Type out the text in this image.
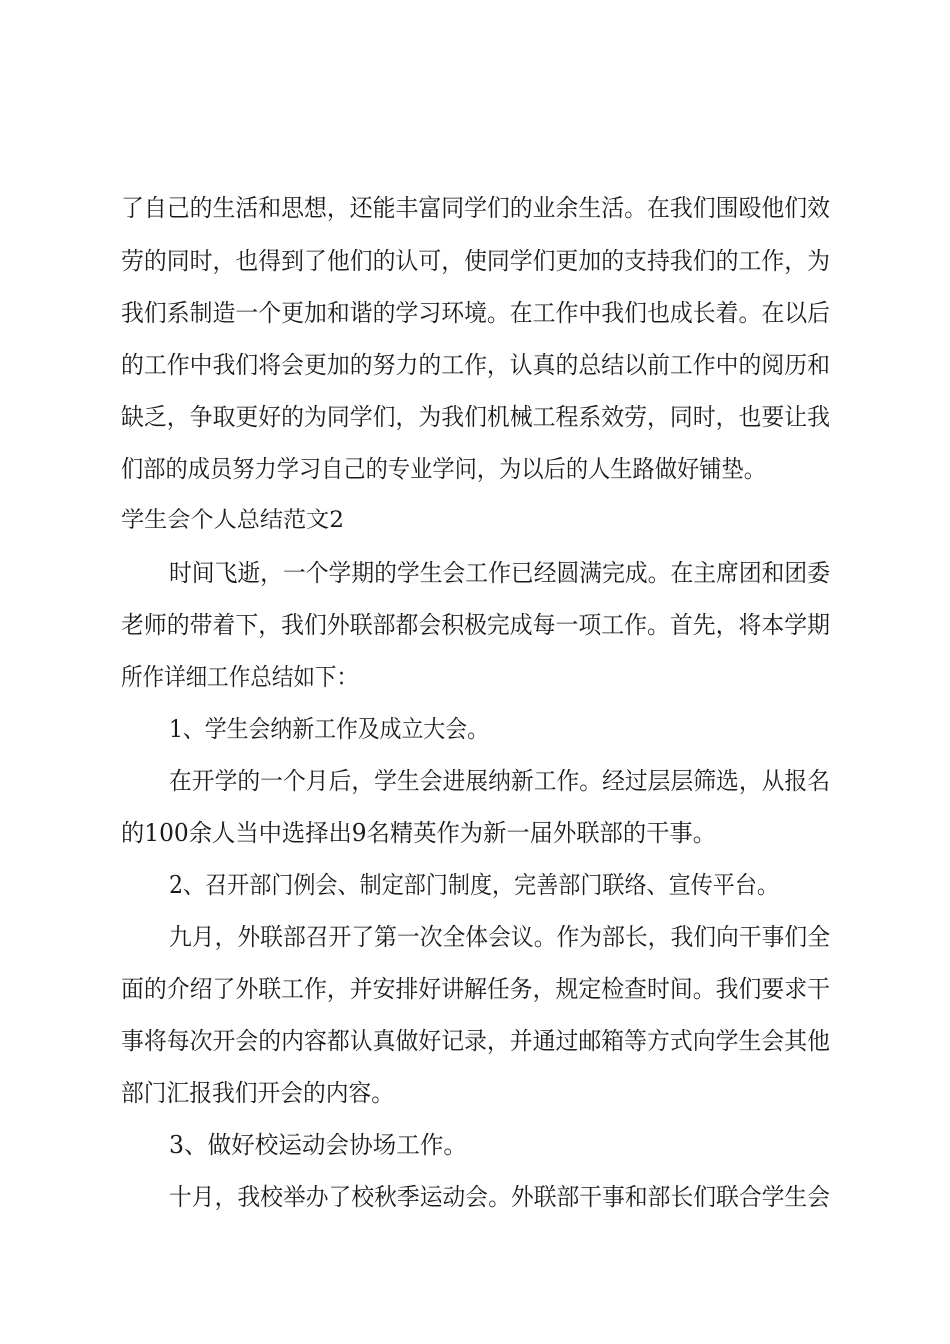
了自己的生活和思想，还能丰富同学们的业余生活。在我们围殴他们效
劳的同时，也得到了他们的认可，使同学们更加的支持我们的工作，为
我们系制造一个更加和谐的学习环境。在工作中我们也成长着。在以后
的工作中我们将会更加的努力的工作，认真的总结以前工作中的阅历和
缺乏，争取更好的为同学们，为我们机械工程系效劳，同时，也要让我
们部的成员努力学习自己的专业学问，为以后的人生路做好铺垫。
学生会个人总结范文2
时间飞逝，一个学期的学生会工作已经圆满完成。在主席团和团委
老师的带着下，我们外联部都会积极完成每一项工作。首先，将本学期
所作详细工作总结如下：
1、学生会纳新工作及成立大会。
在开学的一个月后，学生会进展纳新工作。经过层层筛选，从报名
的100余人当中选择出9名精英作为新一届外联部的干事。
2、召开部门例会、制定部门制度，完善部门联络、宣传平台。
九月，外联部召开了第一次全体会议。作为部长，我们向干事们全
面的介绍了外联工作，并安排好讲解任务，规定检查时间。我们要求干
事将每次开会的内容都认真做好记录，并通过邮箱等方式向学生会其他
部门汇报我们开会的内容。
3、做好校运动会协场工作。
十月，我校举办了校秋季运动会。外联部干事和部长们联合学生会
